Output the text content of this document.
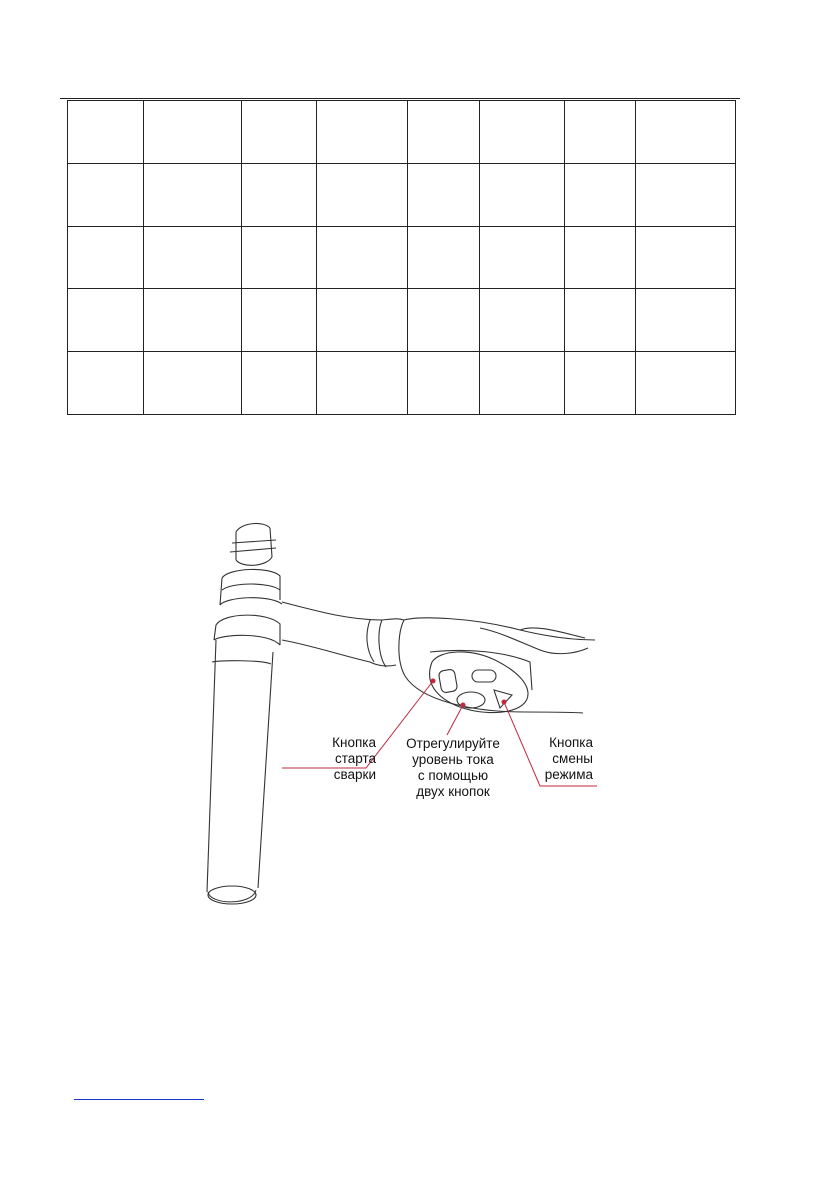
Кнопка
старта сварки
Отрегулируйте
уровень тока
с помощью
двух кнопок
Кнопка
смены
режима
